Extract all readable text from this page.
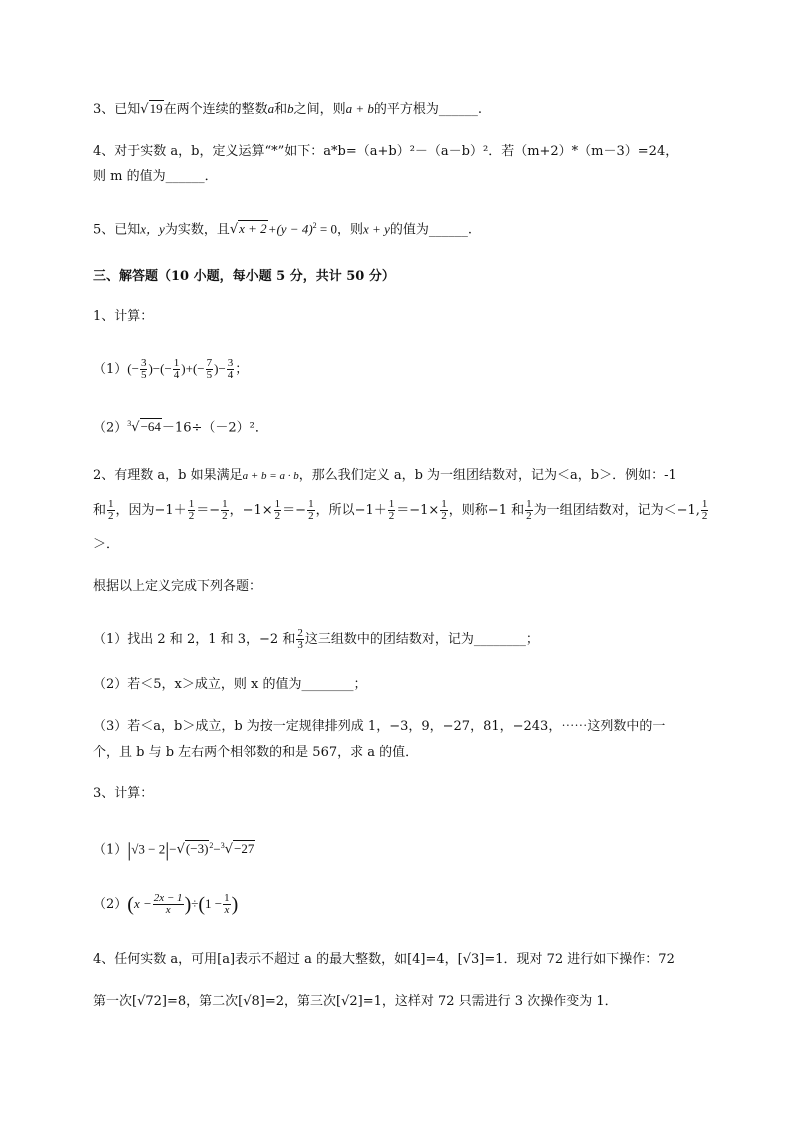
3、已知√19在两个连续的整数a和b之间，则a + b的平方根为______.
4、对于实数 a，b，定义运算“*”如下：a*b=（a+b）²－（a－b）²．若（m+2）*（m－3）=24，
则 m 的值为______．
5、已知x，y为实数，且$√x + 2+(y - 4)^2 = 0$，则x + y的值为______.
三、解答题（10 小题，每小题 5 分，共计 50 分）
1、计算：
$(1)(- \frac{3}{5}$ )−(− $\frac{1}{4}$ )+(− $\frac{7}{5}$ )− $\frac{3}{4}$ ；
$(2)^3√-64-16\div(-2)^2$．
2、有理数 a，b 如果满足a + b = a · b，那么我们定义 a，b 为一组团结数对，记为＜a，b＞．例如：-1
和 $\frac{1}{2}$ ，因为$-1+ \frac{1}{2} =- \frac{1}{2}$ ，$-1\times \frac{1}{2} =- \frac{1}{2}$ ，所以$-1+ \frac{1}{2} =-1\times \frac{1}{2}$ ，则称−1 和 $\frac{1}{2}$ 为一组团结数对，记为＜−1, $\frac{1}{2}$
＞．
根据以上定义完成下列各题：
（1）找出 2 和 2，1 和 3，−2 和 $\frac{2}{3}$ 这三组数中的团结数对，记为________；
（2）若＜5，x＞成立，则 x 的值为________；
（3）若＜a，b＞成立，b 为按一定规律排列成 1，−3，9，−27，81，−243，⋯⋯这列数中的一
个，且 b 与 b 左右两个相邻数的和是 567，求 a 的值．
3、计算：
$(1)|√3 - 2|-√(-3)^2-^3√-27$
$(2)(x - \frac{2x - 1}{x} )\div(1 - \frac{1}{x}$ )
4、任何实数 a，可用[a]表示不超过 a 的最大整数，如[4]=4，[√3]=1．现对 72 进行如下操作：72
第一次[√72]=8，第二次[√8]=2，第三次[√2]=1，这样对 72 只需进行 3 次操作变为 1．
